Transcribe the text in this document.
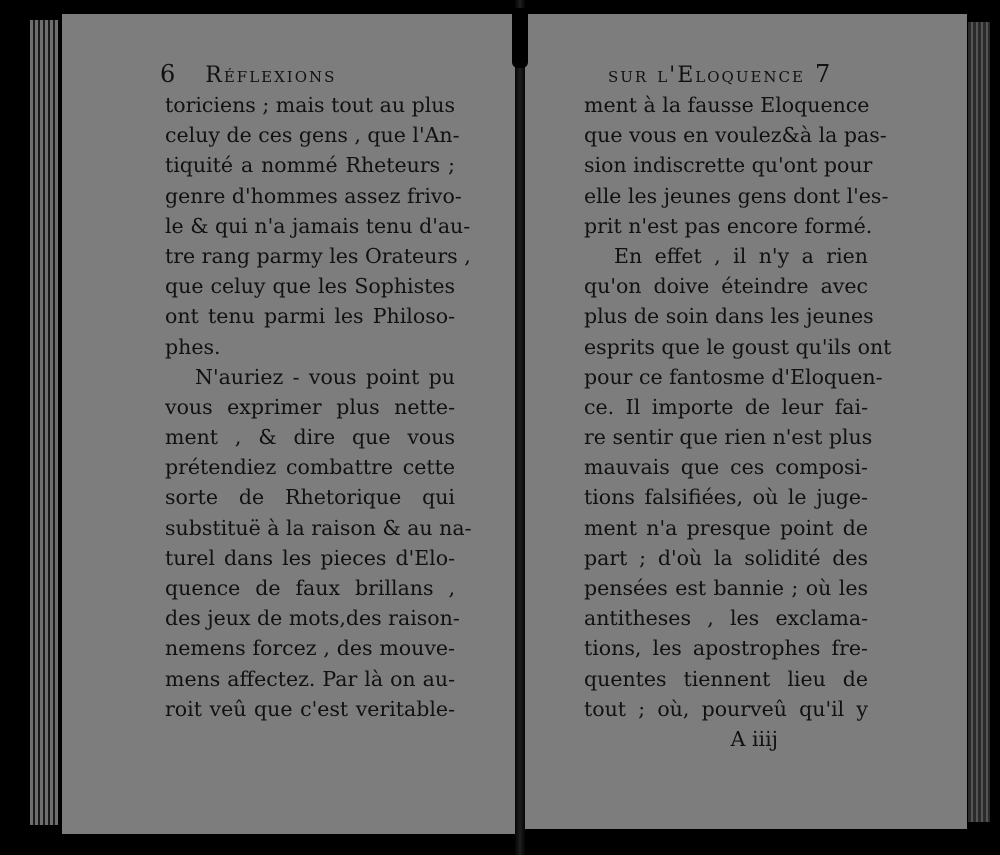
6 Réflexions	sur l'Eloquence 7
toriciens ; mais tout au plus
celuy de ces gens , que l'An-
tiquité a nommé Rheteurs ;
genre d'hommes assez frivo-
le & qui n'a jamais tenu d'au-
tre rang parmy les Orateurs ,
que celuy que les Sophistes
ont tenu parmi les Philoso-
phes.
N'auriez - vous point pu
vous exprimer plus nette-
ment , & dire que vous
prétendiez combattre cette
sorte de Rhetorique qui
substituë à la raison & au na-
turel dans les pieces d'Elo-
quence de faux brillans ,
des jeux de mots,des raison-
nemens forcez , des mouve-
mens affectez. Par là on au-
roit veû que c'est veritable-
ment à la fausse Eloquence
que vous en voulez&à la pas-
sion indiscrette qu'ont pour
elle les jeunes gens dont l'es-
prit n'est pas encore formé.
En effet , il n'y a rien
qu'on doive éteindre avec
plus de soin dans les jeunes
esprits que le goust qu'ils ont
pour ce fantosme d'Eloquen-
ce. Il importe de leur fai-
re sentir que rien n'est plus
mauvais que ces composi-
tions falsifiées, où le juge-
ment n'a presque point de
part ; d'où la solidité des
pensées est bannie ; où les
antitheses , les exclama-
tions, les apostrophes fre-
quentes tiennent lieu de
tout ; où, pourveû qu'il y
A iiij
